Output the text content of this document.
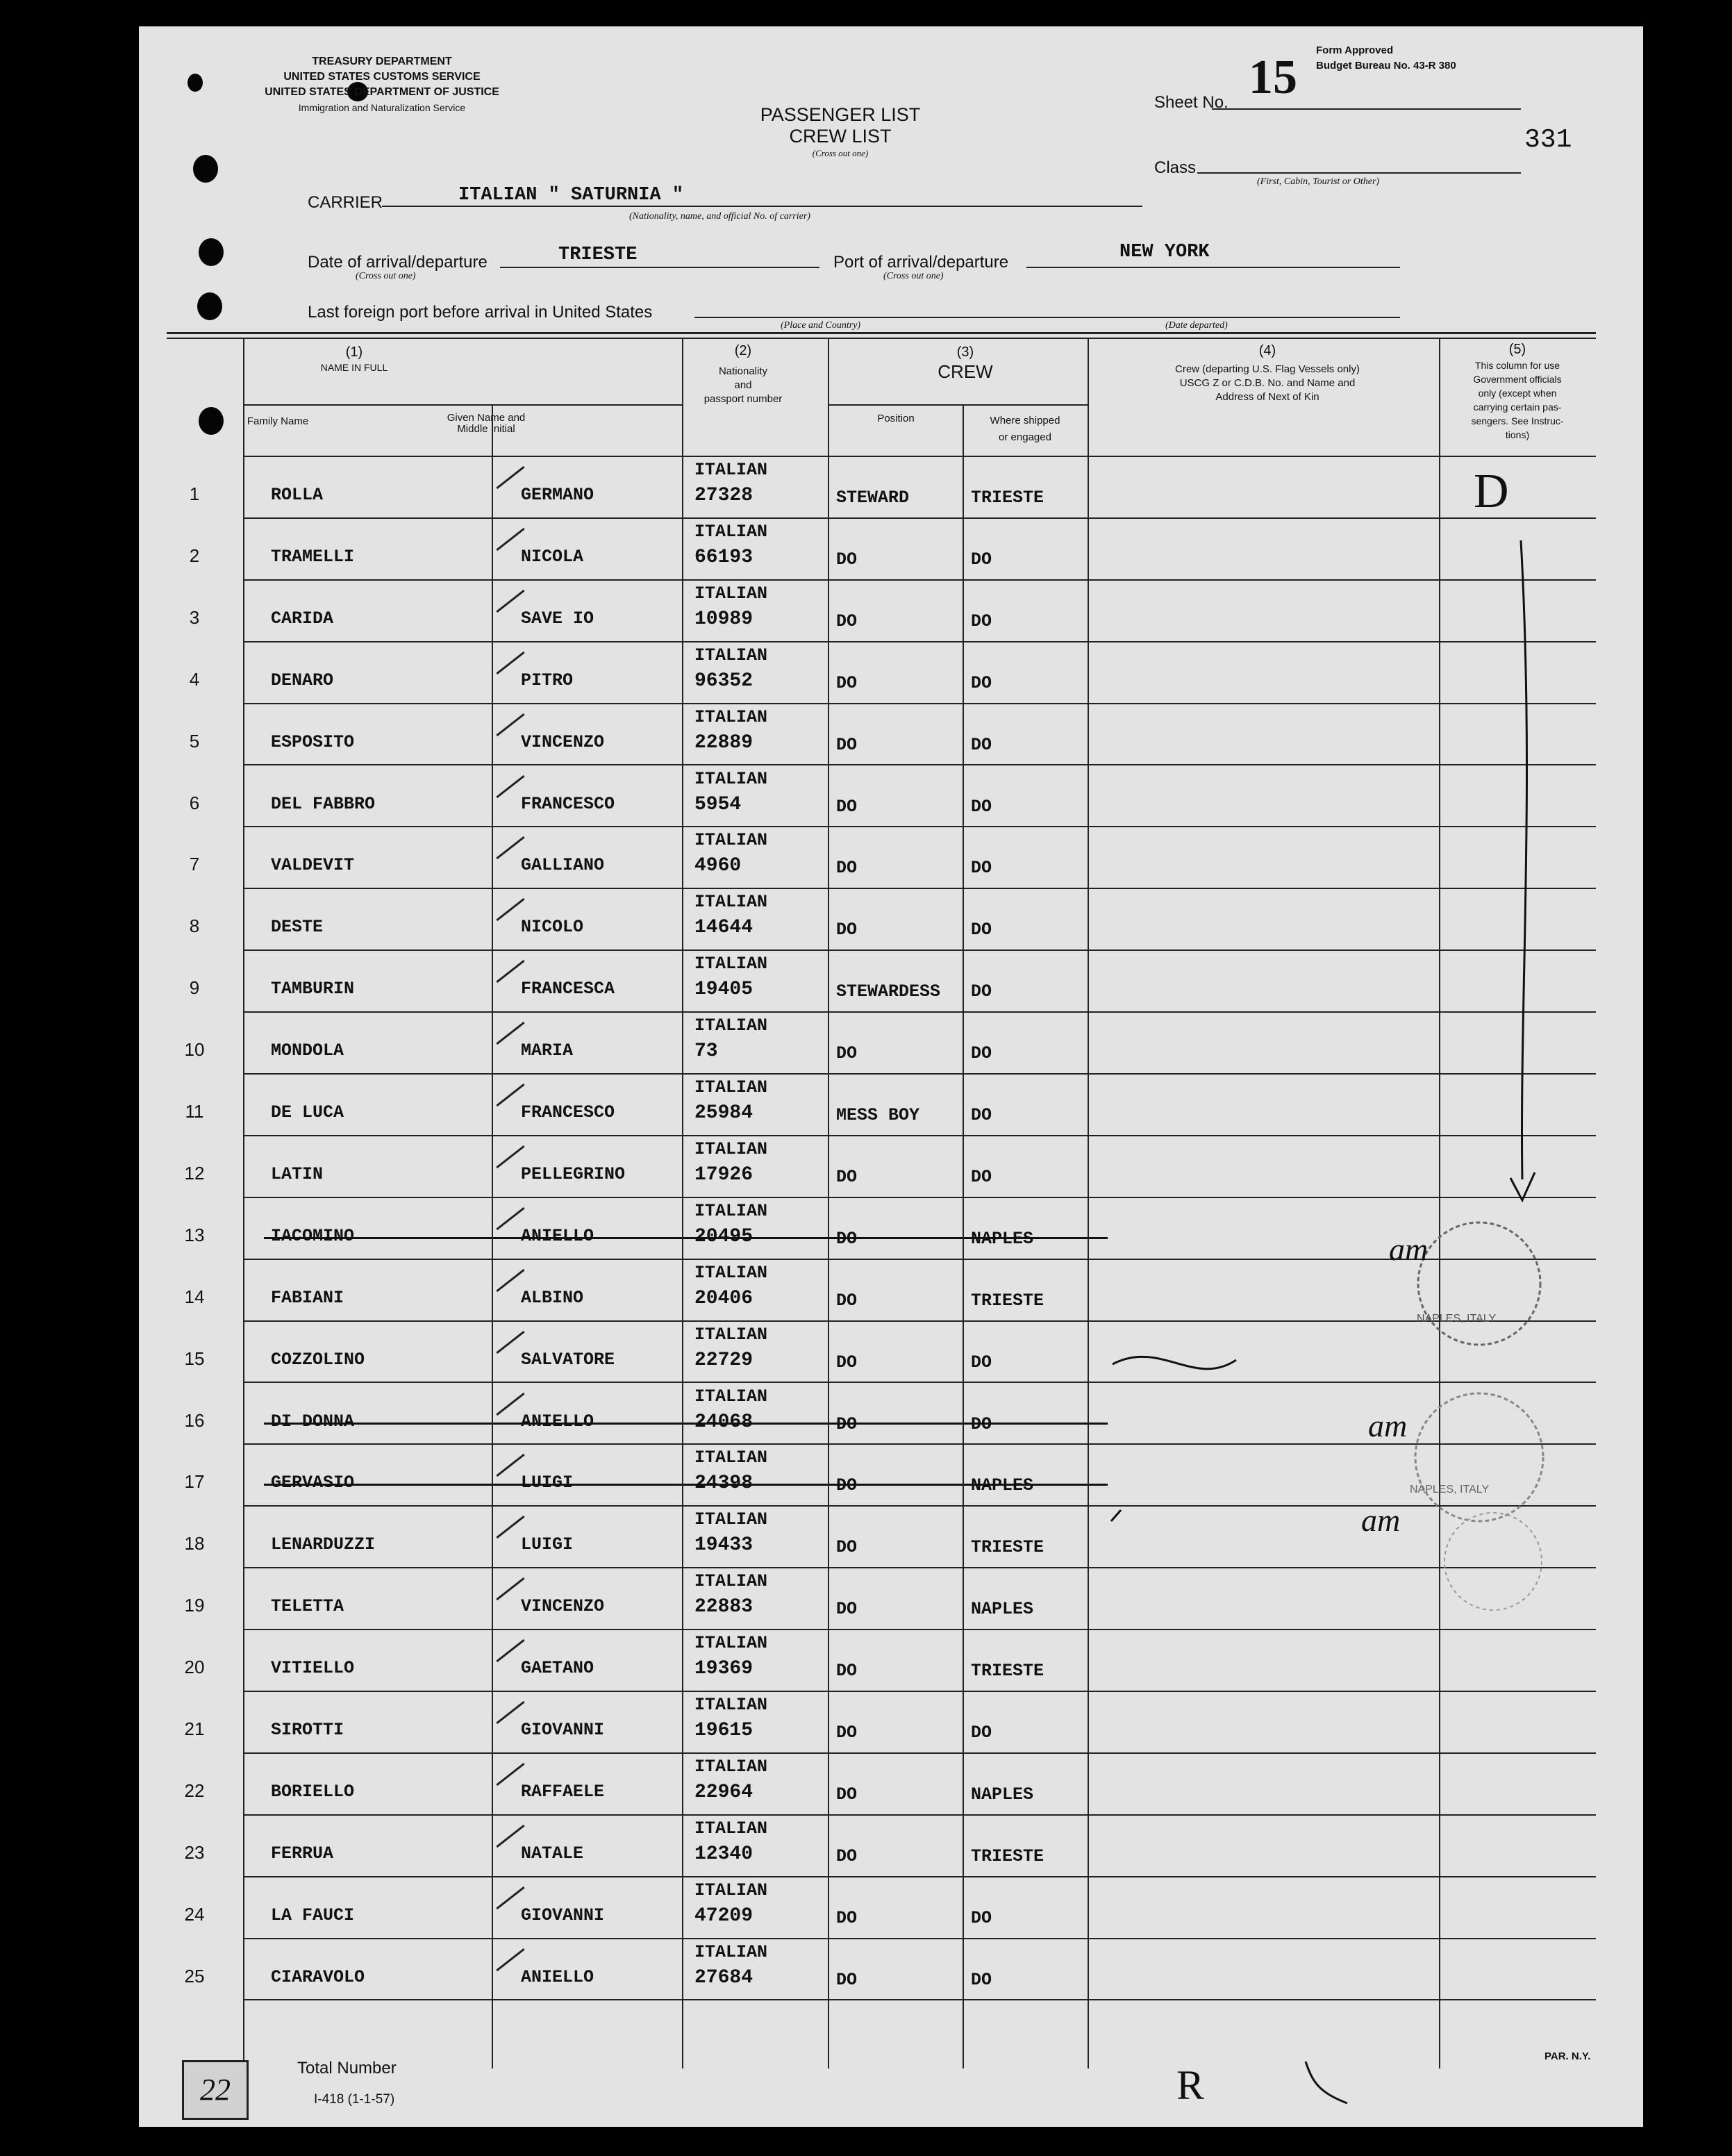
TREASURY DEPARTMENT
UNITED STATES CUSTOMS SERVICE
UNITED STATES DEPARTMENT OF JUSTICE
Immigration and Naturalization Service
Form Approved
Budget Bureau No. 43-R 380
PASSENGER LIST
CREW LIST
(Cross out one)
Sheet No. 15
331
Class
(First, Cabin, Tourist or Other)
CARRIER	ITALIAN " SATURNIA "
(Nationality, name, and official No. of carrier)
Date of arrival/departure	TRIESTE
(Cross out one)
Port of arrival/departure	NEW YORK
(Cross out one)
Last foreign port before arrival in United States
(Place and Country)	(Date departed)
(1)
NAME IN FULL
Family Name	Given Name and
Middle Initial
(2)
Nationality
and
passport number
(3)
CREW
Position	Where shipped
or engaged
(4)
Crew (departing U.S. Flag Vessels only)
USCG Z or C.D.B. No. and Name and
Address of Next of Kin
(5)
This column for use
Government officials
only (except when
carrying certain pas-
sengers. See Instruc-
tions)
1	ROLLA	GERMANO
ITALIAN
27328	STEWARD	TRIESTE
2	TRAMELLI	NICOLA
ITALIAN
66193	DO	DO
3	CARIDA	SAVE IO
ITALIAN
10989	DO	DO
4	DENARO	PITRO
ITALIAN
96352	DO	DO
5	ESPOSITO	VINCENZO
ITALIAN
22889	DO	DO
6	DEL FABBRO	FRANCESCO
ITALIAN
5954	DO	DO
7	VALDEVIT	GALLIANO
ITALIAN
4960	DO	DO
8	DESTE	NICOLO
ITALIAN
14644	DO	DO
9	TAMBURIN	FRANCESCA
ITALIAN
19405	STEWARDESS DO
10	MONDOLA	MARIA
ITALIAN
73	DO	DO
11	DE LUCA	FRANCESCO
ITALIAN
25984	MESS BOY	DO
12	LATIN	PELLEGRINO
ITALIAN
17926	DO	DO
13	IACOMINO	ANIELLO
ITALIAN
20495	DO	NAPLES
14	FABIANI	ALBINO
ITALIAN
20406	DO	TRIESTE
15	COZZOLINO	SALVATORE
ITALIAN
22729	DO	DO
16	DI DONNA	ANIELLO
ITALIAN
24068	DO	DO
17	GERVASIO	LUIGI
ITALIAN
24398	DO	NAPLES
18	LENARDUZZI	LUIGI
ITALIAN
19433	DO	TRIESTE
19	TELETTA	VINCENZO
ITALIAN
22883	DO	NAPLES
20	VITIELLO	GAETANO
ITALIAN
19369	DO	TRIESTE
21	SIROTTI	GIOVANNI
ITALIAN
19615	DO	DO
22	BORIELLO	RAFFAELE
ITALIAN
22964	DO	NAPLES
23	FERRUA	NATALE
ITALIAN
12340	DO	TRIESTE
24	LA FAUCI	GIOVANNI
ITALIAN
47209	DO	DO
25	CIARAVOLO	ANIELLO
ITALIAN
27684	DO	DO
D
am
am
am
NAPLES, ITALY
NAPLES, ITALY
R
22
Total Number
I-418 (1-1-57)
PAR. N.Y.
